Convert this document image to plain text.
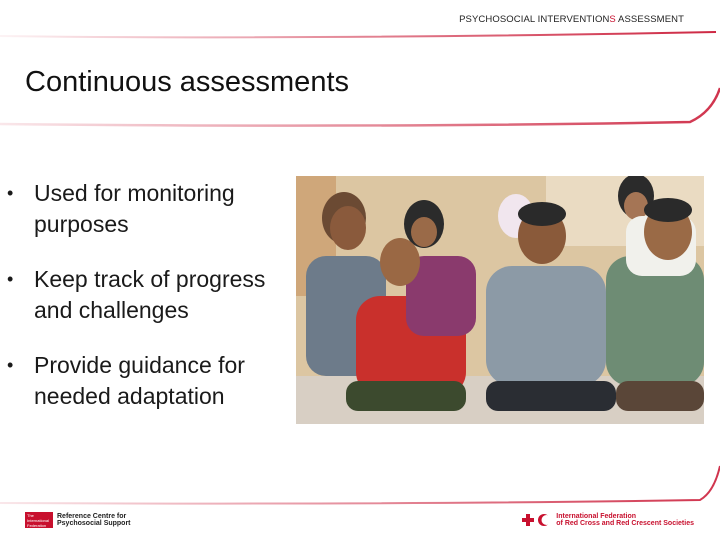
PSYCHOSOCIAL INTERVENTIONS ASSESSMENT
Continuous assessments
• Used for monitoring purposes
• Keep track of progress and challenges
• Provide guidance for needed adaptation
The International Federation
Reference Centre for
Psychosocial Support
International Federation
of Red Cross and Red Crescent Societies
